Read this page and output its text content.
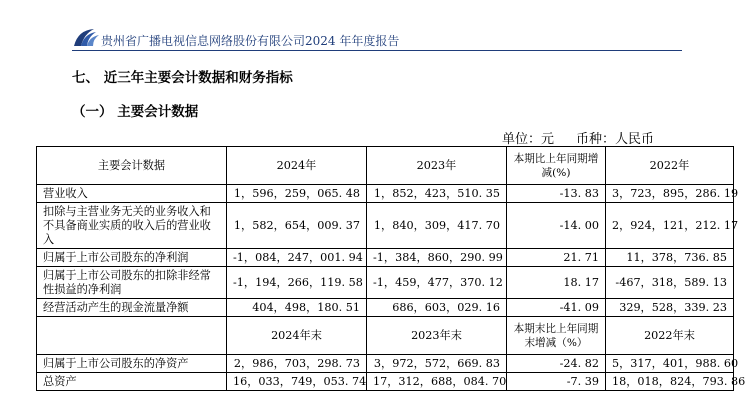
贵州省广播电视信息网络股份有限公司2024 年年度报告
七、 近三年主要会计数据和财务指标
（一） 主要会计数据
单位：元 币种：人民币
主要会计数据	2024年	2023年	本期比上年同期增减(%)	2022年
营业收入	1，596，259，065. 48	1，852，423，510. 35	-13. 83	3，723，895，286. 19
扣除与主营业务无关的业务收入和不具备商业实质的收入后的营业收入	1，582，654，009. 37	1，840，309，417. 70	-14. 00	2，924，121，212. 17
归属于上市公司股东的净利润	-1，084，247，001. 94	-1，384，860，290. 99	21. 71	11，378，736. 85
归属于上市公司股东的扣除非经常性损益的净利润	-1，194，266，119. 58	-1，459，477，370. 12	18. 17	-467，318，589. 13
经营活动产生的现金流量净额	404，498，180. 51	686，603，029. 16	-41. 09	329，528，339. 23
	2024年末	2023年末	本期末比上年同期末增减（%）	2022年末
归属于上市公司股东的净资产	2，986，703，298. 73	3，972，572，669. 83	-24. 82	5，317，401，988. 60
总资产	16，033，749，053. 74	17，312，688，084. 70	-7. 39	18，018，824，793. 86
